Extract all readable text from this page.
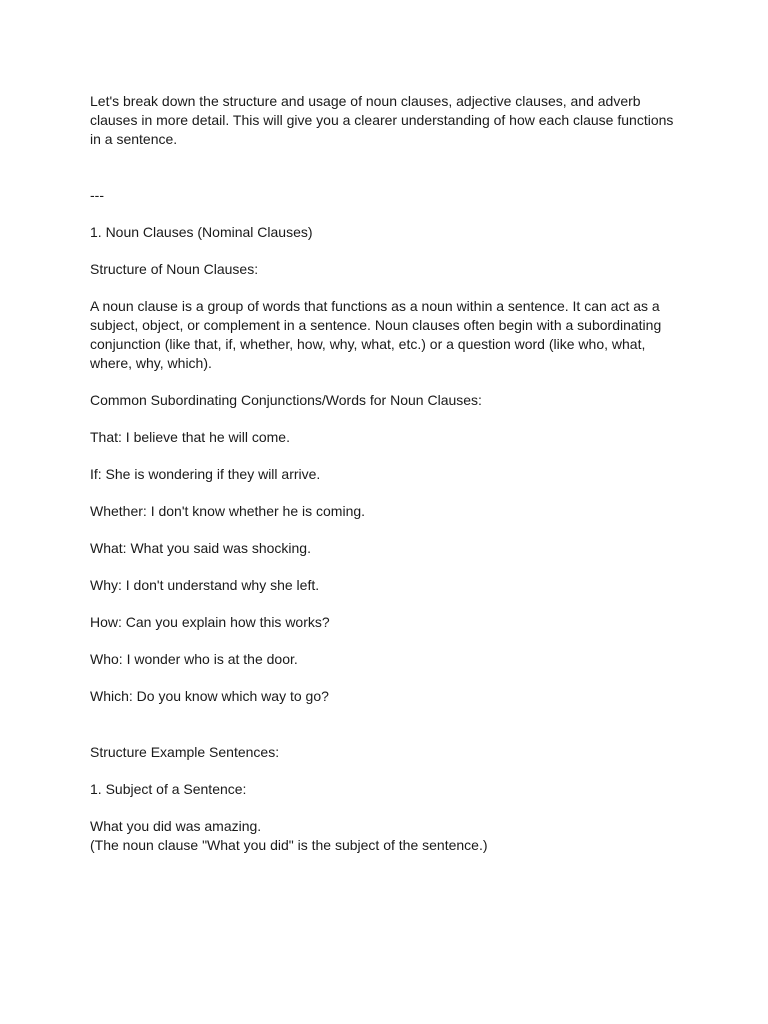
Let's break down the structure and usage of noun clauses, adjective clauses, and adverb clauses in more detail. This will give you a clearer understanding of how each clause functions in a sentence.

---

1. Noun Clauses (Nominal Clauses)

Structure of Noun Clauses:

A noun clause is a group of words that functions as a noun within a sentence. It can act as a subject, object, or complement in a sentence. Noun clauses often begin with a subordinating conjunction (like that, if, whether, how, why, what, etc.) or a question word (like who, what, where, why, which).

Common Subordinating Conjunctions/Words for Noun Clauses:

That: I believe that he will come.

If: She is wondering if they will arrive.

Whether: I don't know whether he is coming.

What: What you said was shocking.

Why: I don't understand why she left.

How: Can you explain how this works?

Who: I wonder who is at the door.

Which: Do you know which way to go?

Structure Example Sentences:

1. Subject of a Sentence:

What you did was amazing.

(The noun clause "What you did" is the subject of the sentence.)
